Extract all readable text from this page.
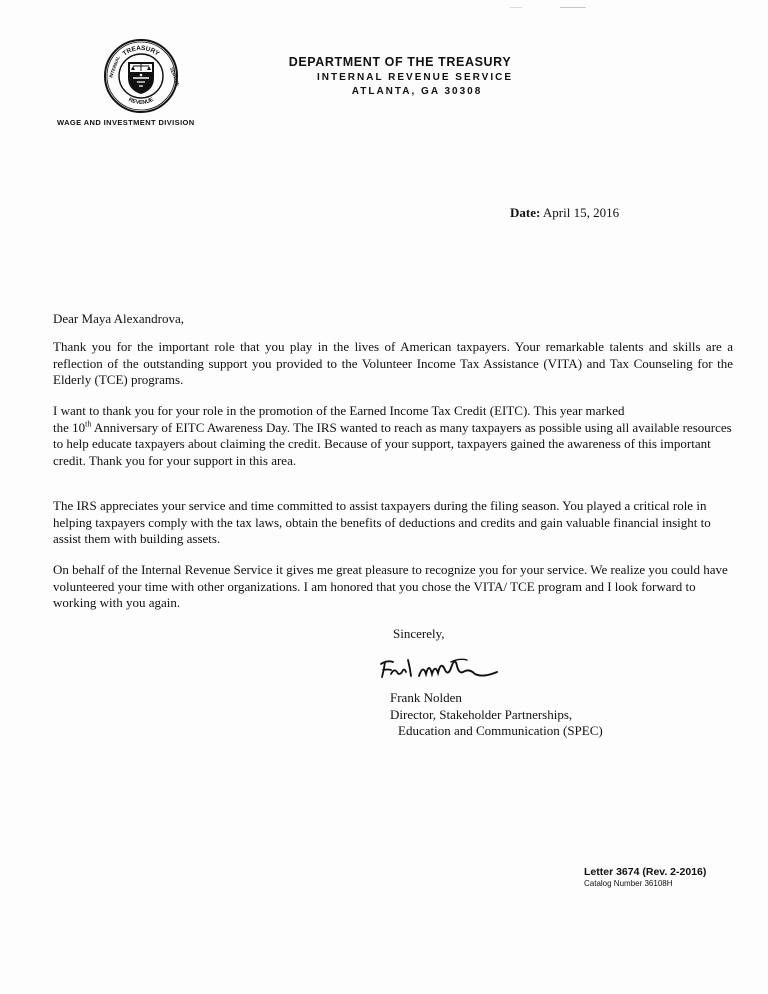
TREASURY
REVENUE
INTERNAL	SERVICE
WAGE AND INVESTMENT DIVISION
DEPARTMENT OF THE TREASURY
INTERNAL REVENUE SERVICE
ATLANTA, GA 30308
Date: April 15, 2016
Dear Maya Alexandrova,
Thank you for the important role that you play in the lives of American taxpayers. Your remarkable talents and skills are a reflection of the outstanding support you provided to the Volunteer Income Tax Assistance (VITA) and Tax Counseling for the Elderly (TCE) programs.
I want to thank you for your role in the promotion of the Earned Income Tax Credit (EITC). This year marked
the 10th Anniversary of EITC Awareness Day. The IRS wanted to reach as many taxpayers as possible using all available resources to help educate taxpayers about claiming the credit. Because of your support, taxpayers gained the awareness of this important credit. Thank you for your support in this area.
The IRS appreciates your service and time committed to assist taxpayers during the filing season. You played a critical role in helping taxpayers comply with the tax laws, obtain the benefits of deductions and credits and gain valuable financial insight to assist them with building assets.
On behalf of the Internal Revenue Service it gives me great pleasure to recognize you for your service. We realize you could have volunteered your time with other organizations. I am honored that you chose the VITA/ TCE program and I look forward to working with you again.
Sincerely,
Frank Nolden
Director, Stakeholder Partnerships,
Education and Communication (SPEC)
Letter 3674 (Rev. 2-2016)
Catalog Number 36108H
